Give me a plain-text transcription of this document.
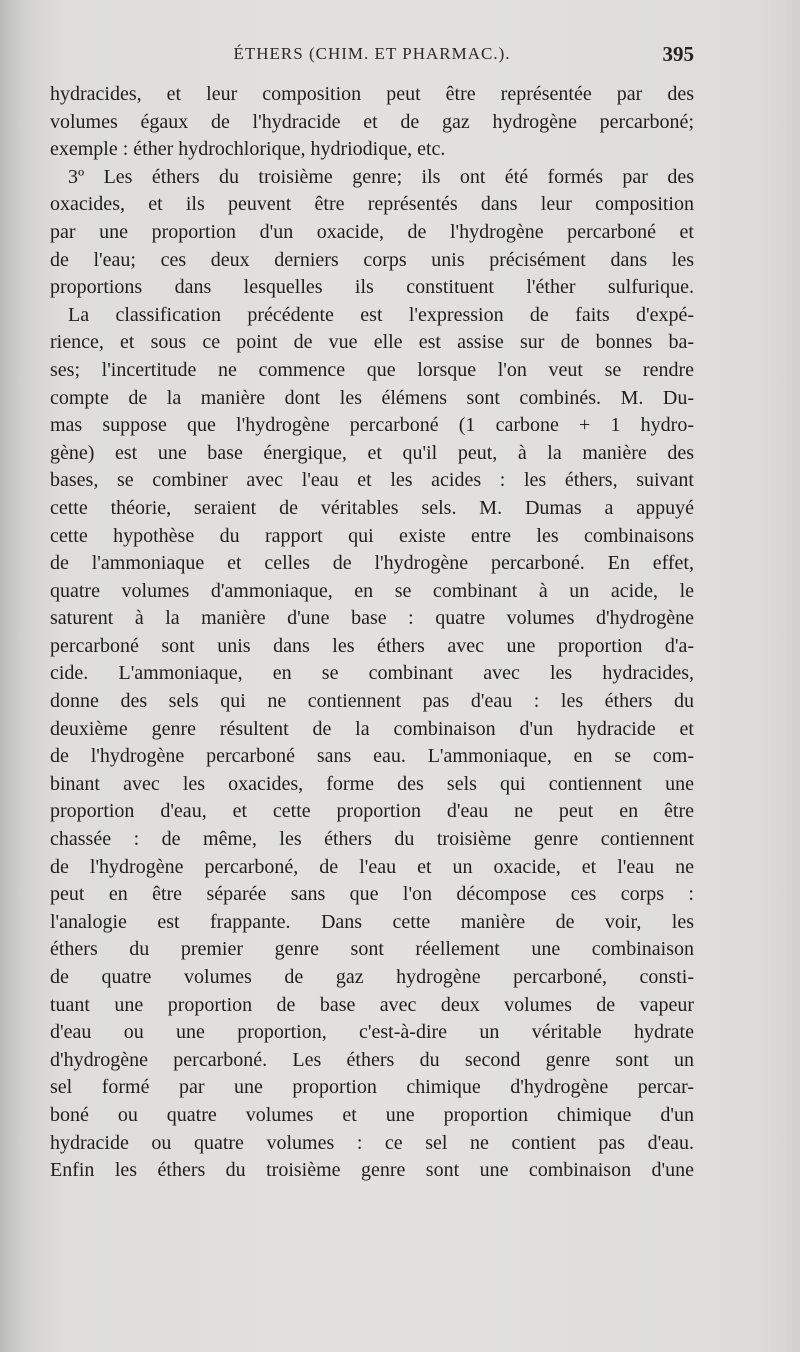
ÉTHERS (CHIM. ET PHARMAC.).	395
hydracides, et leur composition peut être représentée par des
volumes égaux de l'hydracide et de gaz hydrogène percarboné;
exemple : éther hydrochlorique, hydriodique, etc.
3º Les éthers du troisième genre; ils ont été formés par des
oxacides, et ils peuvent être représentés dans leur composition
par une proportion d'un oxacide, de l'hydrogène percarboné et
de l'eau; ces deux derniers corps unis précisément dans les
proportions dans lesquelles ils constituent l'éther sulfurique.
La classification précédente est l'expression de faits d'expé-
rience, et sous ce point de vue elle est assise sur de bonnes ba-
ses; l'incertitude ne commence que lorsque l'on veut se rendre
compte de la manière dont les élémens sont combinés. M. Du-
mas suppose que l'hydrogène percarboné (1 carbone + 1 hydro-
gène) est une base énergique, et qu'il peut, à la manière des
bases, se combiner avec l'eau et les acides : les éthers, suivant
cette théorie, seraient de véritables sels. M. Dumas a appuyé
cette hypothèse du rapport qui existe entre les combinaisons
de l'ammoniaque et celles de l'hydrogène percarboné. En effet,
quatre volumes d'ammoniaque, en se combinant à un acide, le
saturent à la manière d'une base : quatre volumes d'hydrogène
percarboné sont unis dans les éthers avec une proportion d'a-
cide. L'ammoniaque, en se combinant avec les hydracides,
donne des sels qui ne contiennent pas d'eau : les éthers du
deuxième genre résultent de la combinaison d'un hydracide et
de l'hydrogène percarboné sans eau. L'ammoniaque, en se com-
binant avec les oxacides, forme des sels qui contiennent une
proportion d'eau, et cette proportion d'eau ne peut en être
chassée : de même, les éthers du troisième genre contiennent
de l'hydrogène percarboné, de l'eau et un oxacide, et l'eau ne
peut en être séparée sans que l'on décompose ces corps :
l'analogie est frappante. Dans cette manière de voir, les
éthers du premier genre sont réellement une combinaison
de quatre volumes de gaz hydrogène percarboné, consti-
tuant une proportion de base avec deux volumes de vapeur
d'eau ou une proportion, c'est-à-dire un véritable hydrate
d'hydrogène percarboné. Les éthers du second genre sont un
sel formé par une proportion chimique d'hydrogène percar-
boné ou quatre volumes et une proportion chimique d'un
hydracide ou quatre volumes : ce sel ne contient pas d'eau.
Enfin les éthers du troisième genre sont une combinaison d'une
